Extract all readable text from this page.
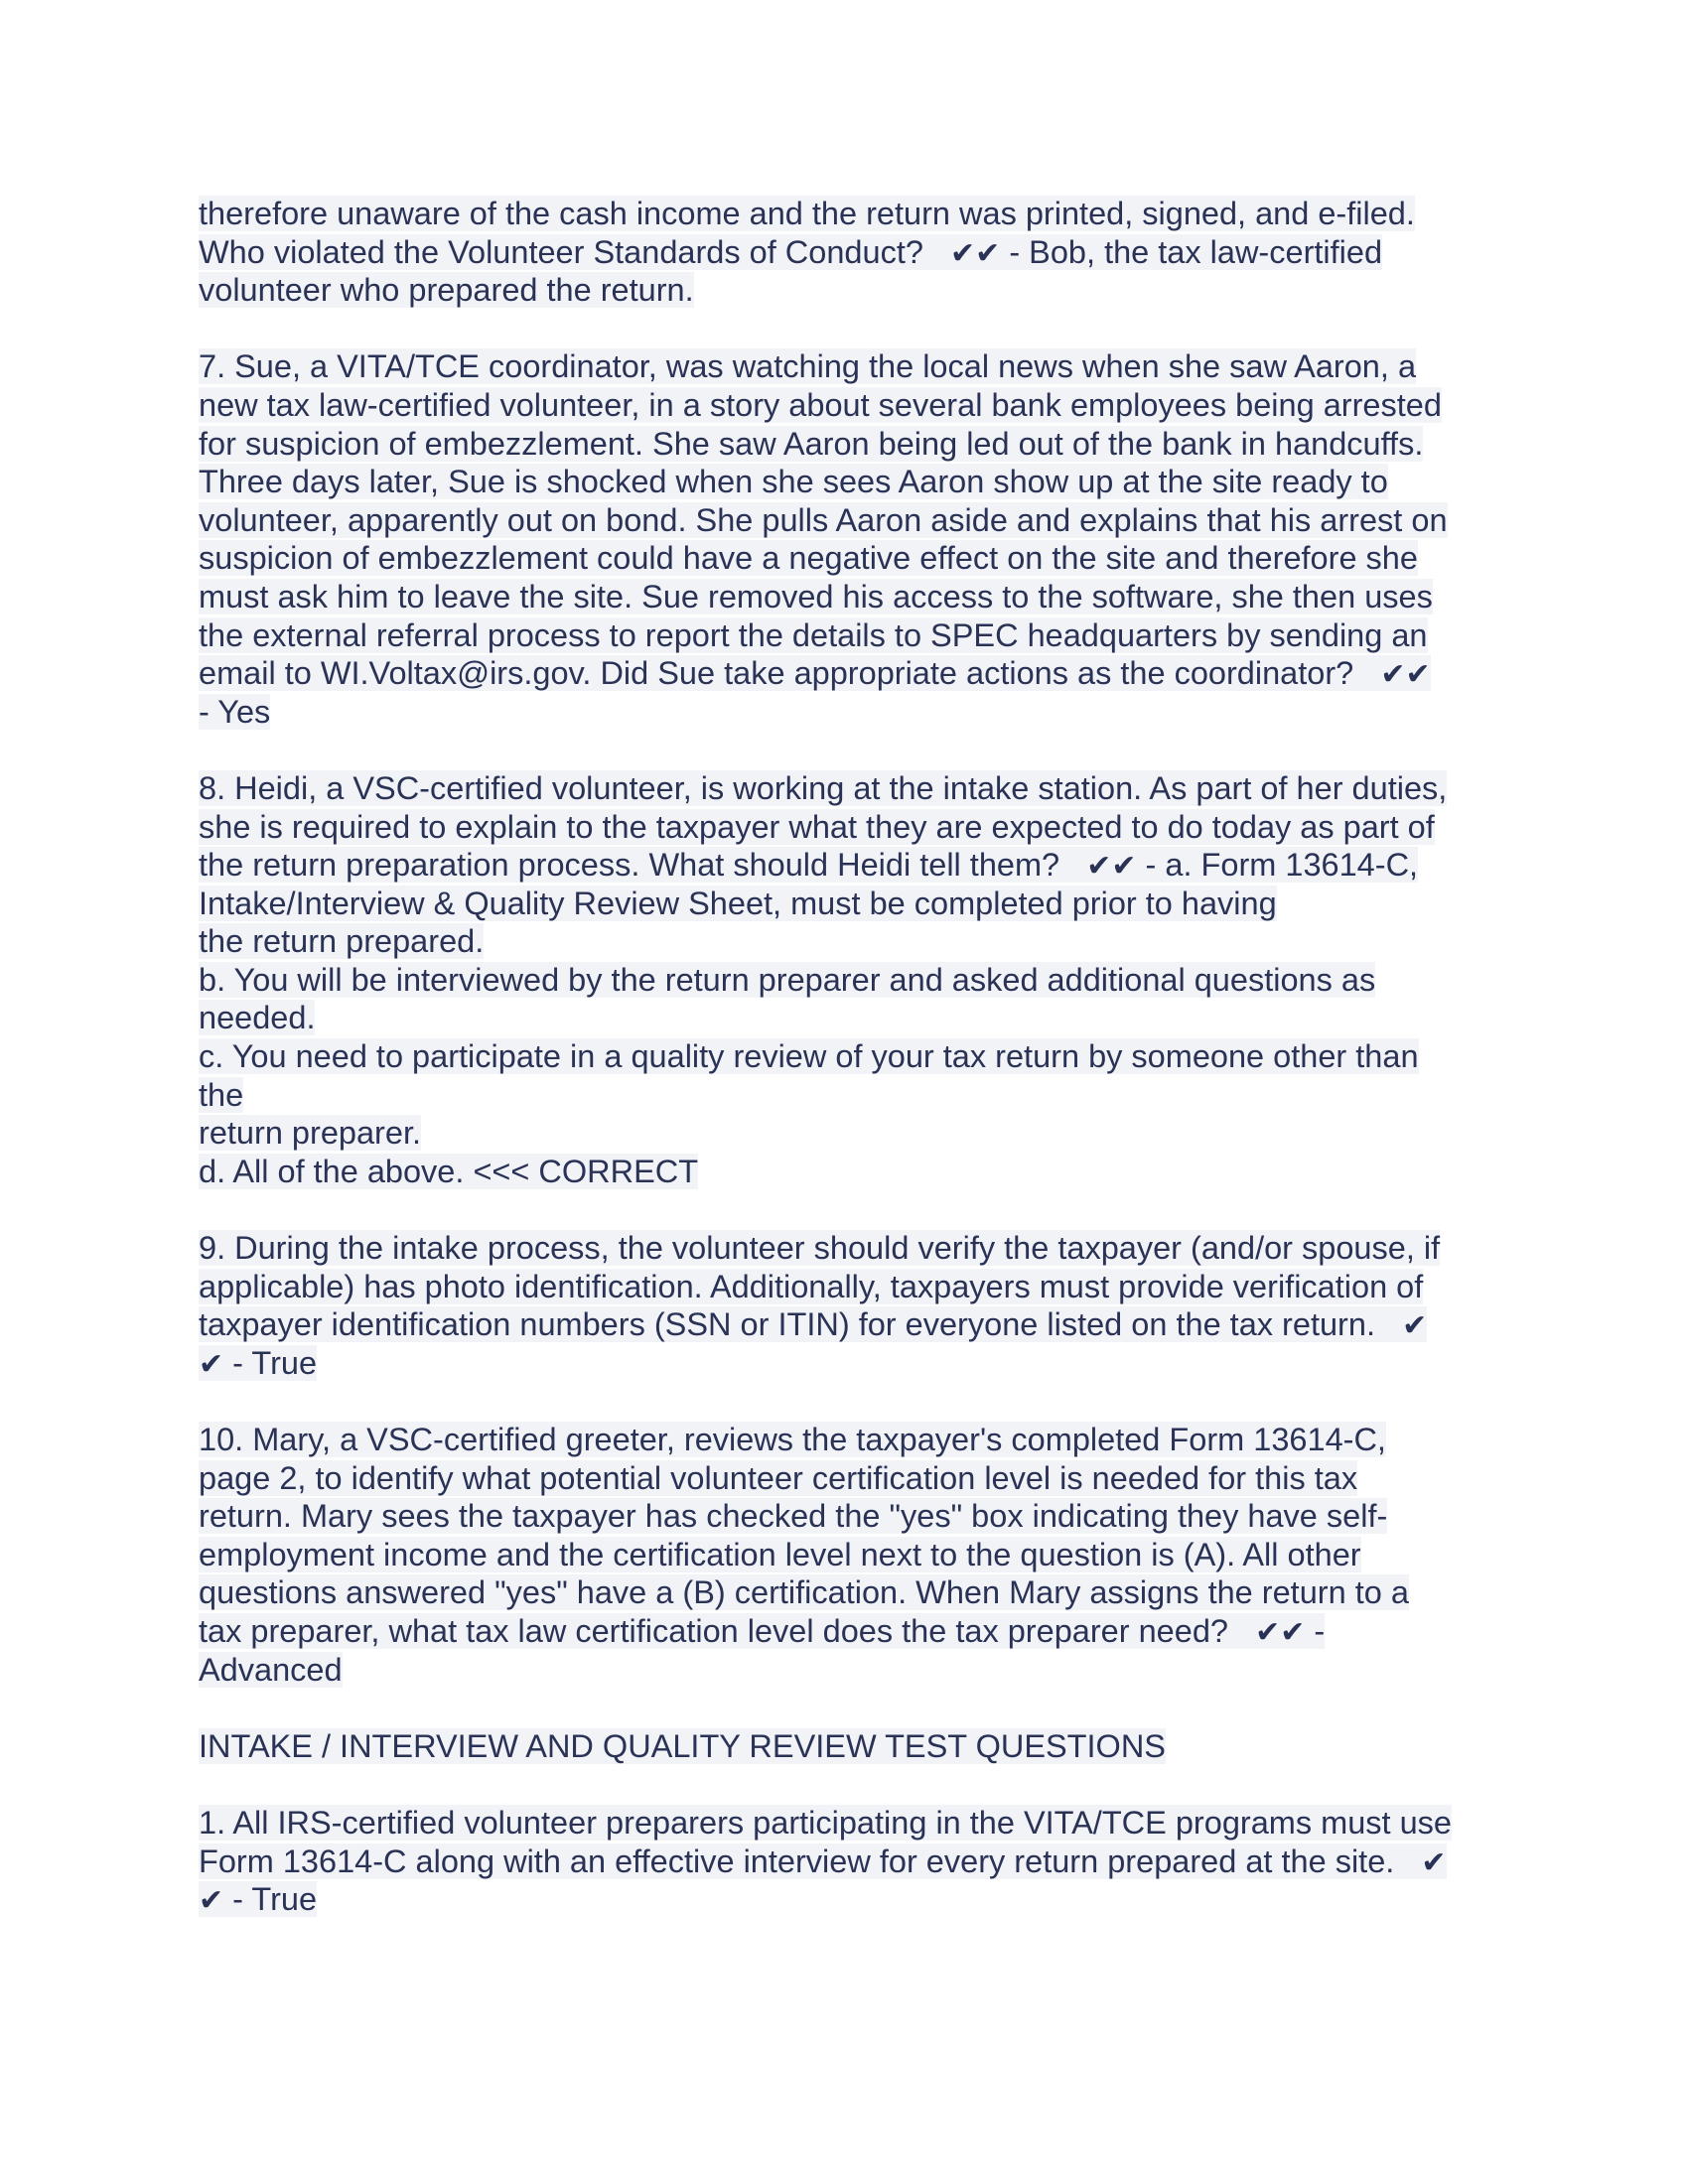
therefore unaware of the cash income and the return was printed, signed, and e-filed.
Who violated the Volunteer Standards of Conduct? ✔✔ - Bob, the tax law-certified
volunteer who prepared the return.
7. Sue, a VITA/TCE coordinator, was watching the local news when she saw Aaron, a
new tax law-certified volunteer, in a story about several bank employees being arrested
for suspicion of embezzlement. She saw Aaron being led out of the bank in handcuffs.
Three days later, Sue is shocked when she sees Aaron show up at the site ready to
volunteer, apparently out on bond. She pulls Aaron aside and explains that his arrest on
suspicion of embezzlement could have a negative effect on the site and therefore she
must ask him to leave the site. Sue removed his access to the software, she then uses
the external referral process to report the details to SPEC headquarters by sending an
email to WI.Voltax@irs.gov. Did Sue take appropriate actions as the coordinator? ✔✔
- Yes
8. Heidi, a VSC-certified volunteer, is working at the intake station. As part of her duties,
she is required to explain to the taxpayer what they are expected to do today as part of
the return preparation process. What should Heidi tell them? ✔✔ - a. Form 13614-C,
Intake/Interview & Quality Review Sheet, must be completed prior to having
the return prepared.
b. You will be interviewed by the return preparer and asked additional questions as
needed.
c. You need to participate in a quality review of your tax return by someone other than
the
return preparer.
d. All of the above. <<< CORRECT
9. During the intake process, the volunteer should verify the taxpayer (and/or spouse, if
applicable) has photo identification. Additionally, taxpayers must provide verification of
taxpayer identification numbers (SSN or ITIN) for everyone listed on the tax return. ✔
✔ - True
10. Mary, a VSC-certified greeter, reviews the taxpayer's completed Form 13614-C,
page 2, to identify what potential volunteer certification level is needed for this tax
return. Mary sees the taxpayer has checked the "yes" box indicating they have self-
employment income and the certification level next to the question is (A). All other
questions answered "yes" have a (B) certification. When Mary assigns the return to a
tax preparer, what tax law certification level does the tax preparer need? ✔✔ -
Advanced
INTAKE / INTERVIEW AND QUALITY REVIEW TEST QUESTIONS
1. All IRS-certified volunteer preparers participating in the VITA/TCE programs must use
Form 13614-C along with an effective interview for every return prepared at the site. ✔
✔ - True
